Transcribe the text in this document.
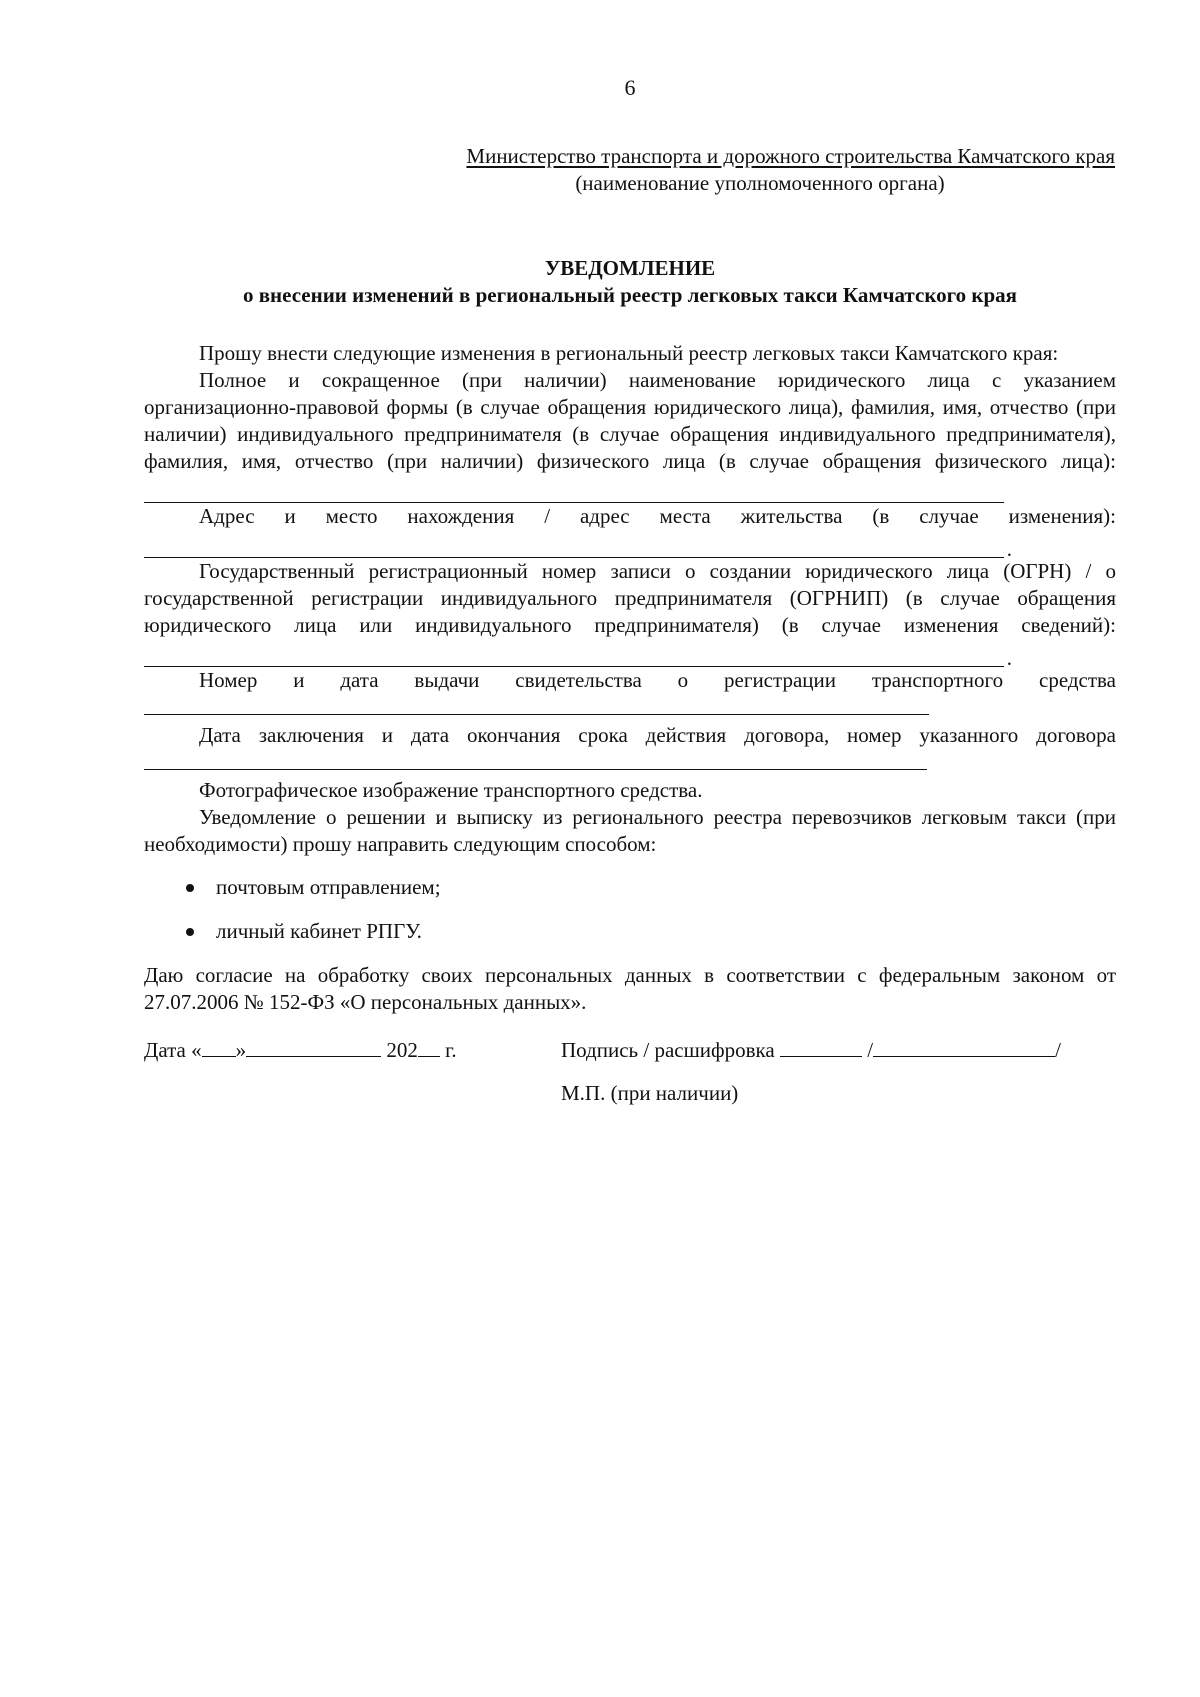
6
Министерство транспорта и дорожного строительства Камчатского края
(наименование уполномоченного органа)
УВЕДОМЛЕНИЕ
о внесении изменений в региональный реестр легковых такси Камчатского края

Прошу внести следующие изменения в региональный реестр легковых такси Камчатского края:

Полное и сокращенное (при наличии) наименование юридического лица с указанием организационно-правовой формы (в случае обращения юридического лица), фамилия, имя, отчество (при наличии) индивидуального предпринимателя (в случае обращения индивидуального предпринимателя), фамилия, имя, отчество (при наличии) физического лица (в случае обращения физического лица):

Адрес и место нахождения / адрес места жительства (в случае изменения):

.

Государственный регистрационный номер записи о создании юридического лица (ОГРН) / о государственной регистрации индивидуального предпринимателя (ОГРНИП) (в случае обращения юридического лица или индивидуального предпринимателя) (в случае изменения сведений):

.

Номер и дата выдачи свидетельства о регистрации транспортного средства

Дата заключения и дата окончания срока действия договора, номер указанного договора

Фотографическое изображение транспортного средства.

Уведомление о решении и выписку из регионального реестра перевозчиков легковым такси (при необходимости) прошу направить следующим способом:

почтовым отправлением;
личный кабинет РПГУ.

Даю согласие на обработку своих персональных данных в соответствии с федеральным законом от 27.07.2006 № 152-ФЗ «О персональных данных».

Дата « »	202 г.	Подпись / расшифровка	/	/
М.П. (при наличии)
